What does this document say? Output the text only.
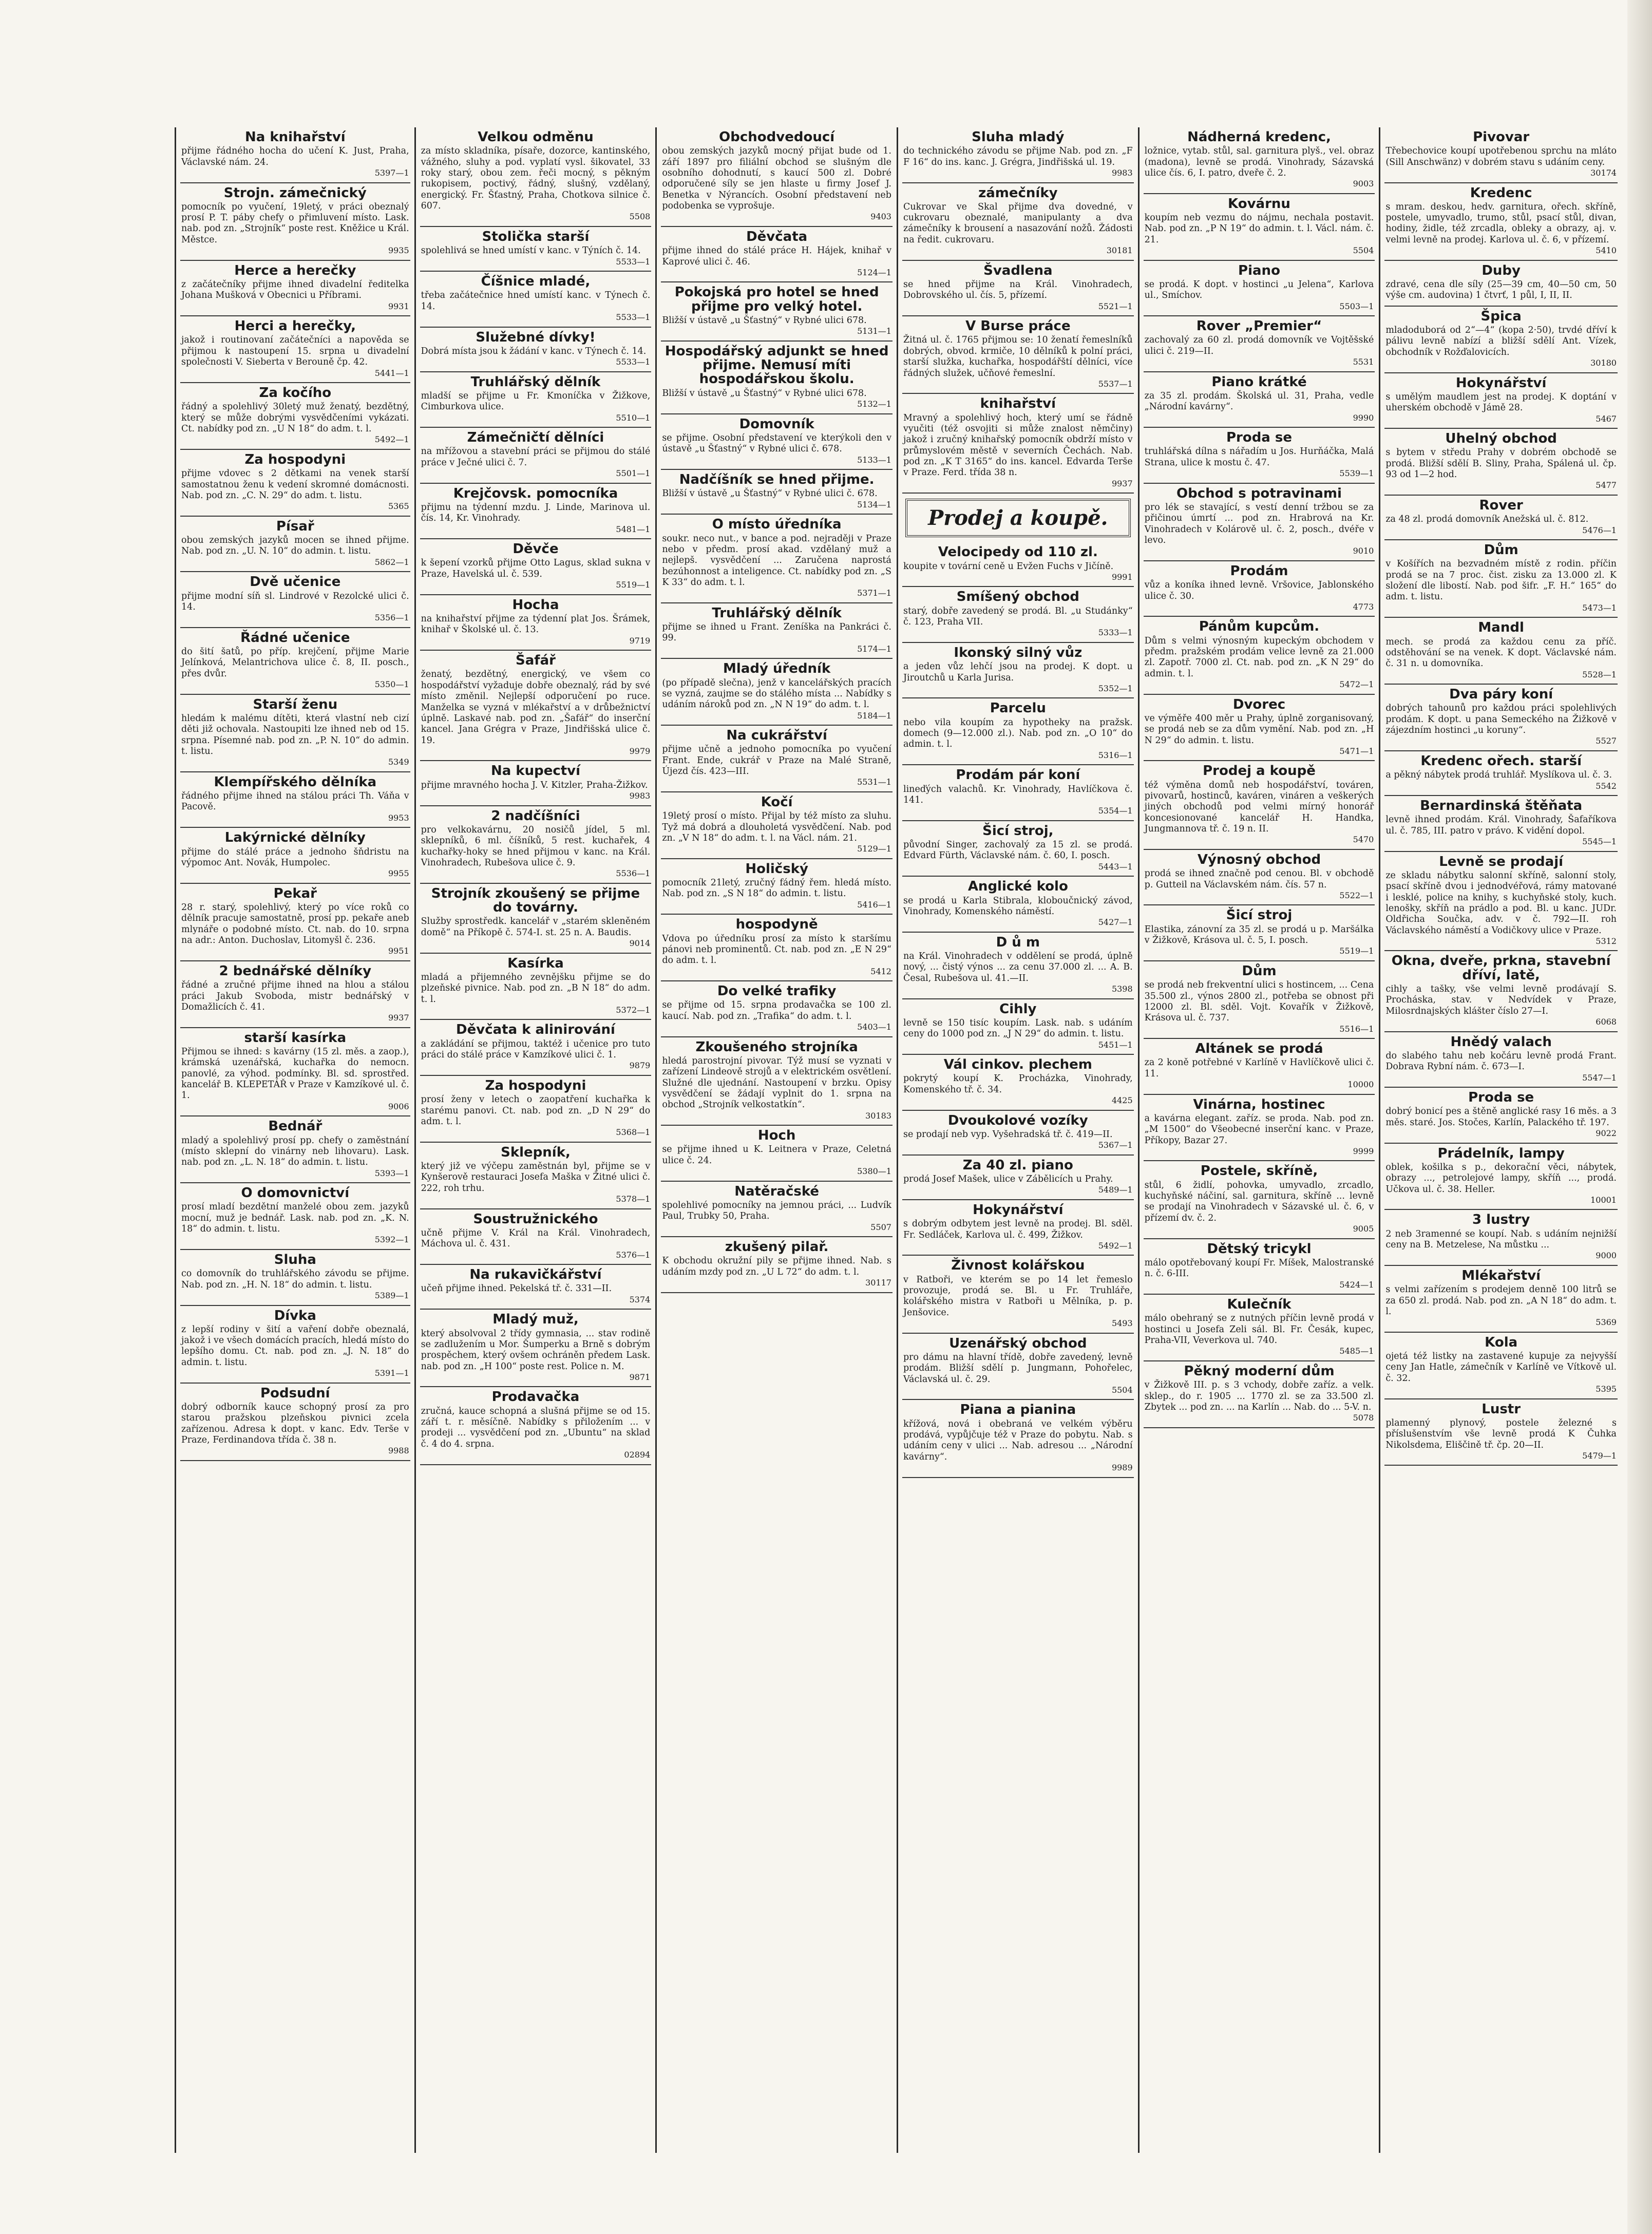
Na knihařství

přijme řádného hocha do učení K. Just, Praha, Václavské nám. 24.

5397—1
Strojn. zámečnický

pomocník po vyučení, 19letý, v práci obeznalý prosí P. T. páby chefy o přimluvení místo. Lask. nab. pod zn. „Strojník“ poste rest. Kněžice u Král. Městce.

9935
Herce a herečky

z začátečníky přijme ihned divadelní ředitelka Johana Mušková v Obecnici u Příbrami.

9931
Herci a herečky,

jakož i routinovaní začátečníci a napověda se přijmou k nastoupení 15. srpna u divadelní společnosti V. Sieberta v Berouně čp. 42.

5441—1
Za kočího

řádný a spolehlivý 30letý muž ženatý, bezdětný, který se může dobrými vysvědčeními vykázati. Ct. nabídky pod zn. „U N 18“ do adm. t. l.

5492—1
Za hospodyni

přijme vdovec s 2 dětkami na venek starší samostatnou ženu k vedení skromné domácnosti. Nab. pod zn. „C. N. 29“ do adm. t. listu.

5365
Písař

obou zemských jazyků mocen se ihned přijme. Nab. pod zn. „U. N. 10“ do admin. t. listu.

5862—1
Dvě učenice

přijme modní síň sl. Lindrové v Rezolcké ulici č. 14.

5356—1
Řádné učenice

do šití šatů, po příp. krejčení, přijme Marie Jelínková, Melantrichova ulice č. 8, II. posch., přes dvůr.

5350—1
Starší ženu

hledám k malému dítěti, která vlastní neb cizí děti již ochovala. Nastoupiti lze ihned neb od 15. srpna. Písemné nab. pod zn. „P. N. 10“ do admin. t. listu.

5349
Klempířského dělníka

řádného přijme ihned na stálou práci Th. Váňa v Pacově.

9953
Lakýrnické dělníky

přijme do stálé práce a jednoho šňdristu na výpomoc Ant. Novák, Humpolec.

9955
Pekař

28 r. starý, spolehlivý, který po více roků co dělník pracuje samostatně, prosí pp. pekaře aneb mlynáře o podobné místo. Ct. nab. do 10. srpna na adr.: Anton. Duchoslav, Litomyšl č. 236.

9951
2 bednářské dělníky

řádné a zručné přijme ihned na hlou a stálou práci Jakub Svoboda, mistr bednářský v Domažlicích č. 41.

9937
starší kasírka

Přijmou se ihned: s kavárny (15 zl. měs. a zaop.), krámská uzenářská, kuchařka do nemocn. panovlé, za výhod. podmínky. Bl. sd. sprostřed. kancelář B. KLEPETÁŘ v Praze v Kamzíkové ul. č. 1.

9006
Bednář

mladý a spolehlivý prosí pp. chefy o zaměstnání (místo sklepní do vinárny neb lihovaru). Lask. nab. pod zn. „L. N. 18“ do admin. t. listu.

5393—1
O domovnictví

prosí mladí bezdětní manželé obou zem. jazyků mocní, muž je bednář. Lask. nab. pod zn. „K. N. 18“ do admin. t. listu.

5392—1
Sluha

co domovník do truhlářského závodu se přijme. Nab. pod zn. „H. N. 18“ do admin. t. listu.

5389—1
Dívka

z lepší rodiny v šití a vaření dobře obeznalá, jakož i ve všech domácích pracích, hledá místo do lepšího domu. Ct. nab. pod zn. „J. N. 18“ do admin. t. listu.

5391—1
Podsudní

dobrý odborník kauce schopný prosí za pro starou pražskou plzeňskou pivnici zcela zařízenou. Adresa k dopt. v kanc. Edv. Terše v Praze, Ferdinandova třída č. 38 n.

9988
Velkou odměnu

za místo skladníka, písaře, dozorce, kantinského, vážného, sluhy a pod. vyplatí vysl. šikovatel, 33 roky starý, obou zem. řeči mocný, s pěkným rukopisem, poctivý, řádný, slušný, vzdělaný, energický. Fr. Šťastný, Praha, Chotkova silnice č. 607.

5508
Stolička starší

spolehlivá se hned umístí v kanc. v Týních č. 14.

5533—1
Číšnice mladé,

třeba začátečnice hned umístí kanc. v Týnech č. 14.

5533—1
Služebné dívky!

Dobrá místa jsou k žádání v kanc. v Týnech č. 14.

5533—1
Truhlářský dělník

mladší se přijme u Fr. Kmoníčka v Žižkove, Cimburkova ulice.

5510—1
Zámečničtí dělníci

na mřížovou a stavební práci se přijmou do stálé práce v Ječné ulici č. 7.

5501—1
Krejčovsk. pomocníka

přijmu na týdenní mzdu. J. Linde, Marinova ul. čís. 14, Kr. Vinohrady.

5481—1
Děvče

k šepení vzorků přijme Otto Lagus, sklad sukna v Praze, Havelská ul. č. 539.

5519—1
Hocha

na knihařství přijme za týdenní plat Jos. Šrámek, knihař v Školské ul. č. 13.

9719
Šafář

ženatý, bezdětný, energický, ve všem co hospodářství vyžaduje dobře obeznalý, rád by své místo změnil. Nejlepší odporučení po ruce. Manželka se vyzná v mlékařství a v drůbežnictví úplně. Laskavé nab. pod zn. „Šafář“ do inserční kancel. Jana Grégra v Praze, Jindřišská ulice č. 19.

9979
Na kupectví

přijme mravného hocha J. V. Kitzler, Praha-Žižkov.

9983
2 nadčíšníci

pro velkokavárnu, 20 nosičů jídel, 5 ml. sklepníků, 6 ml. číšníků, 5 rest. kuchařek, 4 kuchařky-hoky se hned přijmou v kanc. na Král. Vinohradech, Rubešova ulice č. 9.

5536—1
Strojník zkoušený se přijme do továrny.

Služby sprostředk. kancelář v „starém skleněném domě“ na Příkopě č. 574-I. st. 25 n. A. Baudis.

9014
Kasírka

mladá a přijemného zevnějšku přijme se do plzeňské pivnice. Nab. pod zn. „B N 18“ do adm. t. l.

5372—1
Děvčata k alinirování

a zakládání se přijmou, taktéž i učenice pro tuto práci do stálé práce v Kamzíkové ulici č. 1.

9879
Za hospodyni

prosí ženy v letech o zaopatření kuchařka k starému panovi. Ct. nab. pod zn. „D N 29“ do adm. t. l.

5368—1
Sklepník,

který již ve výčepu zaměstnán byl, přijme se v Kynšerově restauraci Josefa Maška v Žitné ulici č. 222, roh trhu.

5378—1
Soustružnického

učně přijme V. Král na Král. Vinohradech, Máchova ul. č. 431.

5376—1
Na rukavičkářství

učeň přijme ihned. Pekelská tř. č. 331—II.

5374
Mladý muž,

který absolvoval 2 třídy gymnasia, ... stav rodině se zadlužením u Mor. Šumperku a Brně s dobrým prospěchem, který ovšem ochráněn předem Lask. nab. pod zn. „H 100“ poste rest. Police n. M.

9871
Prodavačka

zručná, kauce schopná a slušná přijme se od 15. září t. r. měsíčně. Nabídky s přiložením ... v prodeji ... vysvědčení pod zn. „Ubuntu“ na sklad č. 4 do 4. srpna.

02894
Obchodvedoucí

obou zemských jazyků mocný přijat bude od 1. září 1897 pro filiální obchod se slušným dle osobního dohodnutí, s kaucí 500 zl. Dobré odporučené síly se jen hlaste u firmy Josef J. Benetka v Nýrancích. Osobní představení neb podobenka se vyprošuje.

9403
Děvčata

přijme ihned do stálé práce H. Hájek, knihař v Kaprové ulici č. 46.

5124—1
Pokojská pro hotel se hned přijme pro velký hotel.

Bližší v ústavě „u Šťastný“ v Rybné ulici 678.

5131—1
Hospodářský adjunkt se hned přijme. Nemusí míti hospodářskou školu.

Bližší v ústavě „u Šťastný“ v Rybné ulici 678.

5132—1
Domovník

se přijme. Osobní představení ve kterýkoli den v ústavě „u Šťastný“ v Rybné ulici č. 678.

5133—1
Nadčíšník se hned přijme.

Bližší v ústavě „u Šťastný“ v Rybné ulici č. 678.

5134—1
O místo úředníka

soukr. neco nut., v bance a pod. nejraději v Praze nebo v předm. prosí akad. vzdělaný muž a nejlepš. vysvědčení ... Zaručena naprostá bezúhonnost a inteligence. Ct. nabídky pod zn. „S K 33“ do adm. t. l.

5371—1
Truhlářský dělník

přijme se ihned u Frant. Zeníška na Pankráci č. 99.

5174—1
Mladý úředník

(po případě slečna), jenž v kancelářských pracích se vyzná, zaujme se do stálého místa ... Nabídky s udáním nároků pod zn. „N N 19“ do adm. t. l.

5184—1
Na cukrářství

přijme učně a jednoho pomocníka po vyučení Frant. Ende, cukrář v Praze na Malé Straně, Újezd čís. 423—III.

5531—1
Kočí

19letý prosí o místo. Přijal by též místo za sluhu. Tyž má dobrá a dlouholetá vysvědčení. Nab. pod zn. „V N 18“ do adm. t. l. na Václ. nám. 21.

5129—1
Holičský

pomocník 21letý, zručný fádný řem. hledá místo. Nab. pod zn. „S N 18“ do admin. t. listu.

5416—1
hospodyně

Vdova po úředníku prosí za místo k staršímu pánovi neb prominentů. Ct. nab. pod zn. „E N 29“ do adm. t. l.

5412
Do velké trafiky

se přijme od 15. srpna prodavačka se 100 zl. kaucí. Nab. pod zn. „Trafika“ do adm. t. l.

5403—1
Zkoušeného strojníka

hledá parostrojní pivovar. Týž musí se vyznati v zařízení Lindeově strojů a v elektrickém osvětlení. Služné dle ujednání. Nastoupení v brzku. Opisy vysvědčení se žádají vyplnit do 1. srpna na obchod „Strojník velkostatkín“.

30183
Hoch

se přijme ihned u K. Leitnera v Praze, Celetná ulice č. 24.

5380—1
Natěračské

spolehlivé pomocníky na jemnou práci, ... Ludvík Paul, Trubky 50, Praha.

5507
zkušený pilař.

K obchodu okružní pily se přijme ihned. Nab. s udáním mzdy pod zn. „U L 72“ do adm. t. l.

30117
Sluha mladý

do technického závodu se přijme Nab. pod zn. „F F 16“ do ins. kanc. J. Grégra, Jindřišská ul. 19.

9983
zámečníky

Cukrovar ve Skal přijme dva dovedné, v cukrovaru obeznalé, manipulanty a dva zámečníky k brousení a nasazování nožů. Žádosti na ředit. cukrovaru.

30181
Švadlena

se hned přijme na Král. Vinohradech, Dobrovského ul. čís. 5, přízemí.

5521—1
V Burse práce

Žitná ul. č. 1765 přijmou se: 10 ženatí řemeslníků dobrých, obvod. krmiče, 10 dělníků k polní práci, starší služka, kuchařka, hospodářští dělníci, více řádných služek, učňové řemeslní.

5537—1
knihařství

Mravný a spolehlivý hoch, který umí se řádně vyučiti (též osvojiti si může znalost němčiny) jakož i zručný knihařský pomocník obdrží místo v průmyslovém městě v severních Čechách. Nab. pod zn. „K T 3165“ do ins. kancel. Edvarda Terše v Praze. Ferd. třída 38 n.

9937
Prodej a koupě.
Velocipedy od 110 zl.

koupite v tovární ceně u Evžen Fuchs v Jičíně.

9991
Smíšený obchod

starý, dobře zavedený se prodá. Bl. „u Studánky“ č. 123, Praha VII.

5333—1
Ikonský silný vůz

a jeden vůz lehčí jsou na prodej. K dopt. u Jiroutchů u Karla Jurisa.

5352—1
Parcelu

nebo vila koupím za hypotheky na pražsk. domech (9—12.000 zl.). Nab. pod zn. „O 10“ do admin. t. l.

5316—1
Prodám pár koní

lineďých valachů. Kr. Vinohrady, Havlíčkova č. 141.

5354—1
Šicí stroj,

původní Singer, zachovalý za 15 zl. se prodá. Edvard Fürth, Václavské nám. č. 60, I. posch.

5443—1
Anglické kolo

se prodá u Karla Stibrala, kloboučnický závod, Vinohrady, Komenského náměstí.

5427—1
D ů m

na Král. Vinohradech v oddělení se prodá, úplně nový, ... čistý výnos ... za cenu 37.000 zl. ... A. B. Česal, Rubešova ul. 41.—II.

5398
Cihly

levně se 150 tisíc koupím. Lask. nab. s udáním ceny do 1000 pod zn. „J N 29“ do admin. t. listu.

5451—1
Vál cinkov. plechem

pokrytý koupí K. Procházka, Vinohrady, Komenského tř. č. 34.

4425
Dvoukolové vozíky

se prodají neb vyp. Vyšehradská tř. č. 419—II.

5367—1
Za 40 zl. piano

prodá Josef Mašek, ulice v Zábělicích u Prahy.

5489—1
Hokynářství

s dobrým odbytem jest levně na prodej. Bl. sděl. Fr. Sedláček, Karlova ul. č. 499, Žižkov.

5492—1
Živnost kolářskou

v Ratboři, ve kterém se po 14 let řemeslo provozuje, prodá se. Bl. u Fr. Truhláře, kolářského mistra v Ratboři u Mělníka, p. p. Jenšovice.

5493
Uzenářský obchod

pro dámu na hlavní třídě, dobře zavedený, levně prodám. Bližší sdělí p. Jungmann, Pohořelec, Václavská ul. č. 29.

5504
Piana a pianina

křížová, nová i obebraná ve velkém výběru prodává, vypůjčuje též v Praze do pobytu. Nab. s udáním ceny v ulici ... Nab. adresou ... „Národní kavárny“.

9989
Nádherná kredenc,

ložnice, vytab. stůl, sal. garnitura plyš., vel. obraz (madona), levně se prodá. Vinohrady, Sázavská ulice čís. 6, I. patro, dveře č. 2.

9003
Kovárnu

koupím neb vezmu do nájmu, nechala postavit. Nab. pod zn. „P N 19“ do admin. t. l. Václ. nám. č. 21.

5504
Piano

se prodá. K dopt. v hostinci „u Jelena“, Karlova ul., Smíchov.

5503—1
Rover „Premier“

zachovalý za 60 zl. prodá domovník ve Vojtěšské ulici č. 219—II.

5531
Piano krátké

za 35 zl. prodám. Školská ul. 31, Praha, vedle „Národní kavárny“.

9990
Proda se

truhlářská dílna s nářadím u Jos. Hurňáčka, Malá Strana, ulice k mostu č. 47.

5539—1
Obchod s potravinami

pro lék se stavající, s vestí denní tržbou se za přičinou úmrtí ... pod zn. Hrabrová na Kr. Vinohradech v Kolárově ul. č. 2, posch., dvéře v levo.

9010
Prodám

vůz a koníka ihned levně. Vršovice, Jablonského ulice č. 30.

4773
Pánům kupcům.

Dům s velmi výnosným kupeckým obchodem v předm. pražském prodám velice levně za 21.000 zl. Zapotř. 7000 zl. Ct. nab. pod zn. „K N 29“ do admin. t. l.

5472—1
Dvorec

ve výměře 400 měr u Prahy, úplně zorganisovaný, se prodá neb se za dům vymění. Nab. pod zn. „H N 29“ do admin. t. listu.

5471—1
Prodej a koupě

též výměna domů neb hospodářství, továren, pivovarů, hostinců, kaváren, vináren a veškerých jiných obchodů pod velmi mírný honorář koncesionované kancelář H. Handka, Jungmannova tř. č. 19 n. II.

5470
Výnosný obchod

prodá se ihned značně pod cenou. Bl. v obchodě p. Gutteil na Václavském nám. čís. 57 n.

5522—1
Šicí stroj

Elastika, zánovní za 35 zl. se prodá u p. Maršálka v Žižkově, Krásova ul. č. 5, I. posch.

5519—1
Dům

se prodá neb frekventní ulici s hostincem, ... Cena 35.500 zl., výnos 2800 zl., potřeba se obnost při 12000 zl. Bl. sděl. Vojt. Kovařík v Žižkově, Krásova ul. č. 737.

5516—1
Altánek se prodá

za 2 koně potřebné v Karlíně v Havlíčkově ulici č. 11.

10000
Vinárna, hostinec

a kavárna elegant. zaříz. se proda. Nab. pod zn. „M 1500“ do Všeobecné inserční kanc. v Praze, Příkopy, Bazar 27.

9999
Postele, skříně,

stůl, 6 židlí, pohovka, umyvadlo, zrcadlo, kuchyňské náčiní, sal. garnitura, skříně ... levně se prodají na Vinohradech v Sázavské ul. č. 6, v přízemí dv. č. 2.

9005
Dětský tricykl

málo opotřebovaný koupí Fr. Míšek, Malostranské n. č. 6-III.

5424—1
Kulečník

málo obehraný se z nutných příčin levně prodá v hostinci u Josefa Zeli sál. Bl. Fr. Česák, kupec, Praha-VII, Veverkova ul. 740.

5485—1
Pěkný moderní dům

v Žižkově III. p. s 3 vchody, dobře zaříz. a velk. sklep., do r. 1905 ... 1770 zl. se za 33.500 zl. Zbytek ... pod zn. ... na Karlín ... Nab. do ... 5-V. n.

5078
Pivovar

Třebechovice koupí upotřebenou sprchu na mláto (Sill Anschwänz) v dobrém stavu s udáním ceny.

30174
Kredenc

s mram. deskou, hedv. garnitura, ořech. skříně, postele, umyvadlo, trumo, stůl, psací stůl, divan, hodiny, židle, též zrcadla, obleky a obrazy, aj. v. velmi levně na prodej. Karlova ul. č. 6, v přízemí.

5410
Duby

zdravé, cena dle síly (25—39 cm, 40—50 cm, 50 výše cm. audovina) 1 čtvrť, 1 půl, I, II, II.

Špica

mladoduborá od 2“—4“ (kopa 2·50), trvdé dříví k pálivu levně nabízí a bližší sdělí Ant. Vízek, obchodník v Rožďalovicích.

30180
Hokynářství

s umělým maudlem jest na prodej. K doptání v uherském obchodě v Jámě 28.

5467
Uhelný obchod

s bytem v středu Prahy v dobrém obchodě se prodá. Bližší sdělí B. Sliny, Praha, Spálená ul. čp. 93 od 1—2 hod.

5477
Rover

za 48 zl. prodá domovník Anežská ul. č. 812.

5476—1
Dům

v Košířích na bezvadném místě z rodin. příčin prodá se na 7 proc. čist. zisku za 13.000 zl. K složení dle libostí. Nab. pod šifr. „F. H.“ 165“ do adm. t. listu.

5473—1
Mandl

mech. se prodá za každou cenu za příč. odstěhování se na venek. K dopt. Václavské nám. č. 31 n. u domovníka.

5528—1
Dva páry koní

dobrých tahounů pro každou práci spolehlivých prodám. K dopt. u pana Semeckého na Žižkově v zájezdním hostinci „u koruny“.

5527
Kredenc ořech. starší

a pěkný nábytek prodá truhlář. Myslíkova ul. č. 3.

5542
Bernardinská štěňata

levně ihned prodám. Král. Vinohrady, Šafaříkova ul. č. 785, III. patro v právo. K vidění dopol.

5545—1
Levně se prodají

ze skladu nábytku salonní skříně, salonní stoly, psací skříně dvou i jednodvéřová, rámy matované i lesklé, police na knihy, s kuchyňské stoly, kuch. lenošky, skříň na prádlo a pod. Bl. u kanc. JUDr. Oldřicha Součka, adv. v č. 792—II. roh Václavského náměstí a Vodičkovy ulice v Praze.

5312
Okna, dveře, prkna, stavební dříví, latě,

cihly a tašky, vše velmi levně prodávají S. Procháska, stav. v Nedvídek v Praze, Milosrdnajských klášter číslo 27—I.

6068
Hnědý valach

do slabého tahu neb kočáru levně prodá Frant. Dobrava Rybní nám. č. 673—I.

5547—1
Proda se

dobrý bonicí pes a štěně anglické rasy 16 měs. a 3 měs. staré. Jos. Stočes, Karlín, Palackého tř. 197.

9022
Prádelník, lampy

oblek, košilka s p., dekorační věci, nábytek, obrazy ..., petrolejové lampy, skříň ..., prodá. Učkova ul. č. 38. Heller.

10001
3 lustry

2 neb 3ramenné se koupí. Nab. s udáním nejnižší ceny na B. Metzelese, Na můstku ...

9000
Mlékařství

s velmi zařízením s prodejem denně 100 litrů se za 650 zl. prodá. Nab. pod zn. „A N 18“ do adm. t. l.

5369
Kola

ojetá též listky na zastavené kupuje za nejvyšší ceny Jan Hatle, zámečník v Karlíně ve Vítkově ul. č. 32.

5395
Lustr

plamenný plynový, postele železné s příslušenstvím vše levně prodá K Čuhka Nikolsdema, Eliščině tř. čp. 20—II.

5479—1
